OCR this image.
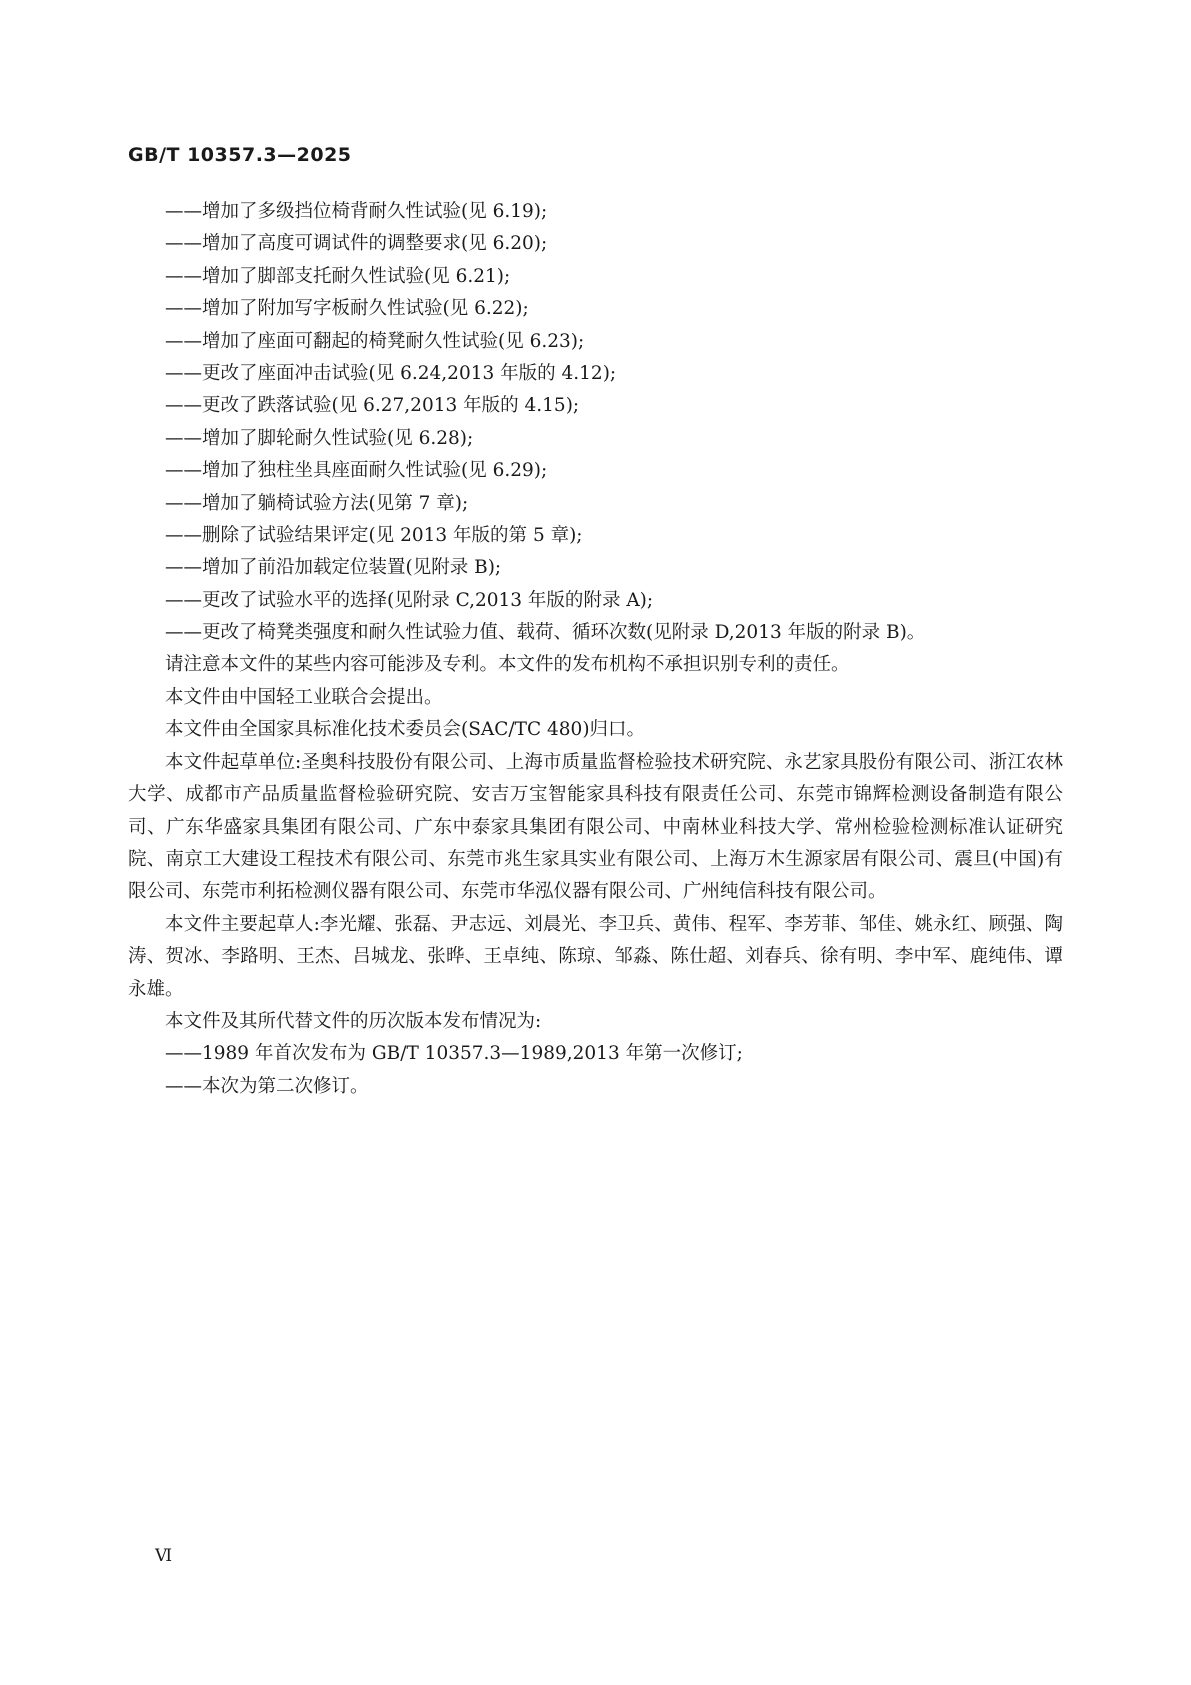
GB/T 10357.3—2025
——增加了多级挡位椅背耐久性试验(见 6.19);
——增加了高度可调试件的调整要求(见 6.20);
——增加了脚部支托耐久性试验(见 6.21);
——增加了附加写字板耐久性试验(见 6.22);
——增加了座面可翻起的椅凳耐久性试验(见 6.23);
——更改了座面冲击试验(见 6.24,2013 年版的 4.12);
——更改了跌落试验(见 6.27,2013 年版的 4.15);
——增加了脚轮耐久性试验(见 6.28);
——增加了独柱坐具座面耐久性试验(见 6.29);
——增加了躺椅试验方法(见第 7 章);
——删除了试验结果评定(见 2013 年版的第 5 章);
——增加了前沿加载定位装置(见附录 B);
——更改了试验水平的选择(见附录 C,2013 年版的附录 A);
——更改了椅凳类强度和耐久性试验力值、载荷、循环次数(见附录 D,2013 年版的附录 B)。

请注意本文件的某些内容可能涉及专利。本文件的发布机构不承担识别专利的责任。

本文件由中国轻工业联合会提出。

本文件由全国家具标准化技术委员会(SAC/TC 480)归口。

本文件起草单位:圣奥科技股份有限公司、上海市质量监督检验技术研究院、永艺家具股份有限公司、浙江农林大学、成都市产品质量监督检验研究院、安吉万宝智能家具科技有限责任公司、东莞市锦辉检测设备制造有限公司、广东华盛家具集团有限公司、广东中泰家具集团有限公司、中南林业科技大学、常州检验检测标准认证研究院、南京工大建设工程技术有限公司、东莞市兆生家具实业有限公司、上海万木生源家居有限公司、震旦(中国)有限公司、东莞市利拓检测仪器有限公司、东莞市华泓仪器有限公司、广州纯信科技有限公司。

本文件主要起草人:李光耀、张磊、尹志远、刘晨光、李卫兵、黄伟、程军、李芳菲、邹佳、姚永红、顾强、陶涛、贺冰、李路明、王杰、吕城龙、张晔、王卓纯、陈琼、邹淼、陈仕超、刘春兵、徐有明、李中军、鹿纯伟、谭永雄。

本文件及其所代替文件的历次版本发布情况为:

——1989 年首次发布为 GB/T 10357.3—1989,2013 年第一次修订;
——本次为第二次修订。
Ⅵ
